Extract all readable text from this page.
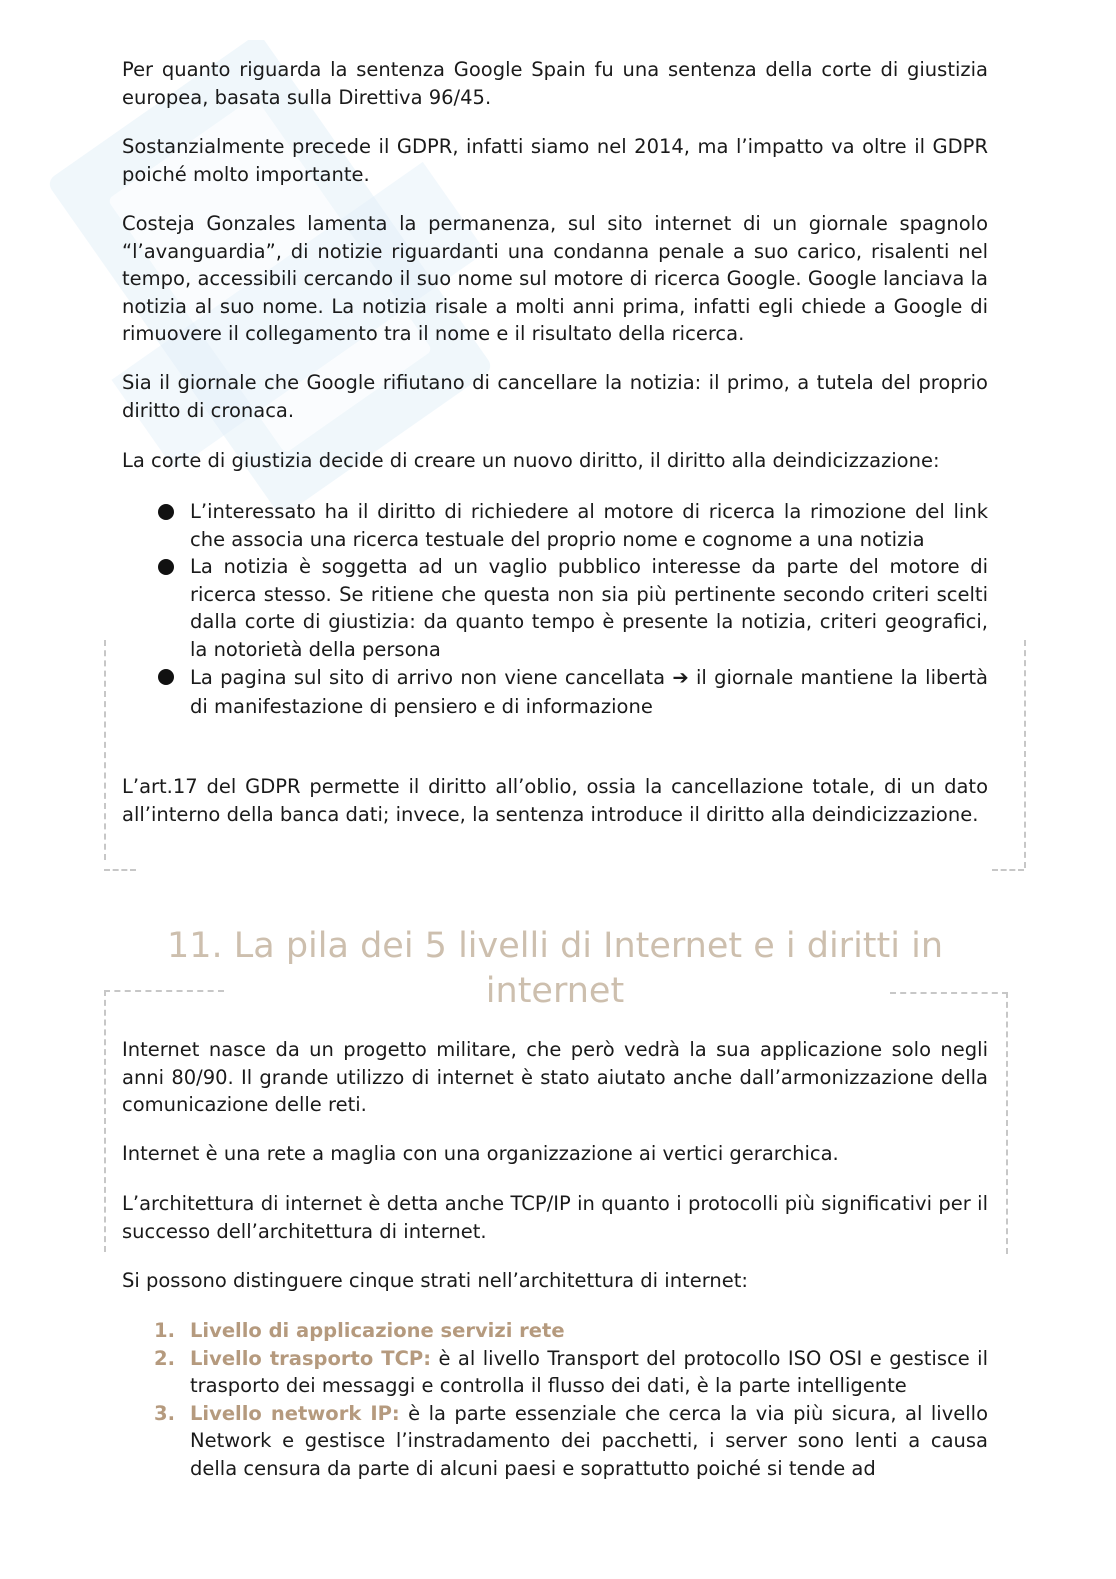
Per quanto riguarda la sentenza Google Spain fu una sentenza della corte di giustizia europea, basata sulla Direttiva 96/45.

Sostanzialmente precede il GDPR, infatti siamo nel 2014, ma l’impatto va oltre il GDPR poiché molto importante.

Costeja Gonzales lamenta la permanenza, sul sito internet di un giornale spagnolo “l’avanguardia”, di notizie riguardanti una condanna penale a suo carico, risalenti nel tempo, accessibili cercando il suo nome sul motore di ricerca Google. Google lanciava la notizia al suo nome. La notizia risale a molti anni prima, infatti egli chiede a Google di rimuovere il collegamento tra il nome e il risultato della ricerca.

Sia il giornale che Google rifiutano di cancellare la notizia: il primo, a tutela del proprio diritto di cronaca.

La corte di giustizia decide di creare un nuovo diritto, il diritto alla deindicizzazione:

L’interessato ha il diritto di richiedere al motore di ricerca la rimozione del link che associa una ricerca testuale del proprio nome e cognome a una notizia
La notizia è soggetta ad un vaglio pubblico interesse da parte del motore di ricerca stesso. Se ritiene che questa non sia più pertinente secondo criteri scelti dalla corte di giustizia: da quanto tempo è presente la notizia, criteri geografici, la notorietà della persona
La pagina sul sito di arrivo non viene cancellata ➔ il giornale mantiene la libertà di manifestazione di pensiero e di informazione

L’art.17 del GDPR permette il diritto all’oblio, ossia la cancellazione totale, di un dato all’interno della banca dati; invece, la sentenza introduce il diritto alla deindicizzazione.

11. La pila dei 5 livelli di Internet e i diritti in internet

Internet nasce da un progetto militare, che però vedrà la sua applicazione solo negli anni 80/90. Il grande utilizzo di internet è stato aiutato anche dall’armonizzazione della comunicazione delle reti.

Internet è una rete a maglia con una organizzazione ai vertici gerarchica.

L’architettura di internet è detta anche TCP/IP in quanto i protocolli più significativi per il successo dell’architettura di internet.

Si possono distinguere cinque strati nell’architettura di internet:

1. Livello di applicazione servizi rete
2. Livello trasporto TCP: è al livello Transport del protocollo ISO OSI e gestisce il trasporto dei messaggi e controlla il flusso dei dati, è la parte intelligente
3. Livello network IP: è la parte essenziale che cerca la via più sicura, al livello Network e gestisce l’instradamento dei pacchetti, i server sono lenti a causa della censura da parte di alcuni paesi e soprattutto poiché si tende ad
